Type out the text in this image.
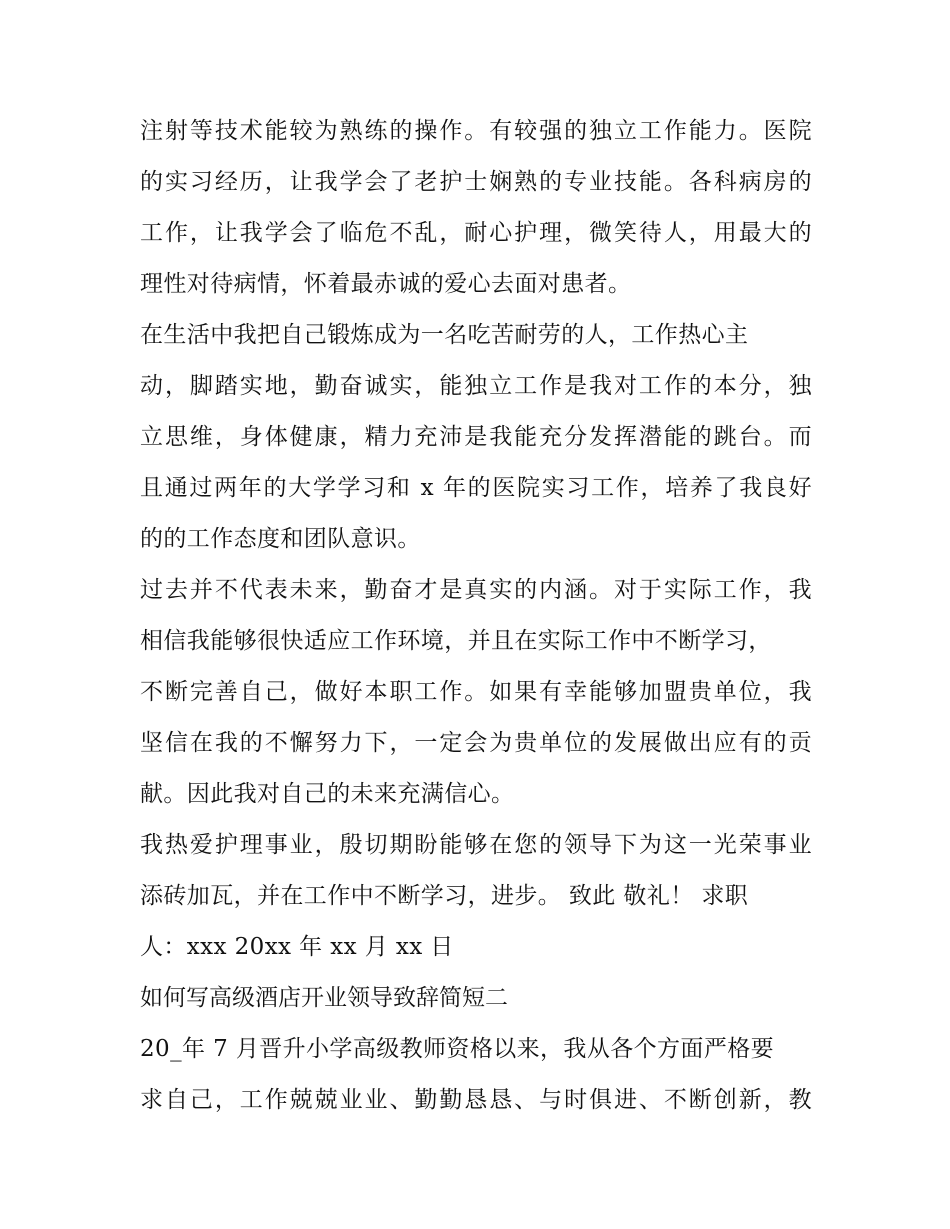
注射等技术能较为熟练的操作。有较强的独立工作能力。医院
的实习经历，让我学会了老护士娴熟的专业技能。各科病房的
工作，让我学会了临危不乱，耐心护理，微笑待人，用最大的
理性对待病情，怀着最赤诚的爱心去面对患者。
在生活中我把自己锻炼成为一名吃苦耐劳的人，工作热心主
动，脚踏实地，勤奋诚实，能独立工作是我对工作的本分，独
立思维，身体健康，精力充沛是我能充分发挥潜能的跳台。而
且通过两年的大学学习和 x 年的医院实习工作，培养了我良好
的的工作态度和团队意识。
过去并不代表未来，勤奋才是真实的内涵。对于实际工作，我
相信我能够很快适应工作环境，并且在实际工作中不断学习，
不断完善自己，做好本职工作。如果有幸能够加盟贵单位，我
坚信在我的不懈努力下，一定会为贵单位的发展做出应有的贡
献。因此我对自己的未来充满信心。
我热爱护理事业，殷切期盼能够在您的领导下为这一光荣事业
添砖加瓦，并在工作中不断学习，进步。 致此 敬礼！ 求职
人：xxx 20xx 年 xx 月 xx 日
如何写高级酒店开业领导致辞简短二
20_年 7 月晋升小学高级教师资格以来，我从各个方面严格要
求自己，工作兢兢业业、勤勤恳恳、与时俱进、不断创新，教
